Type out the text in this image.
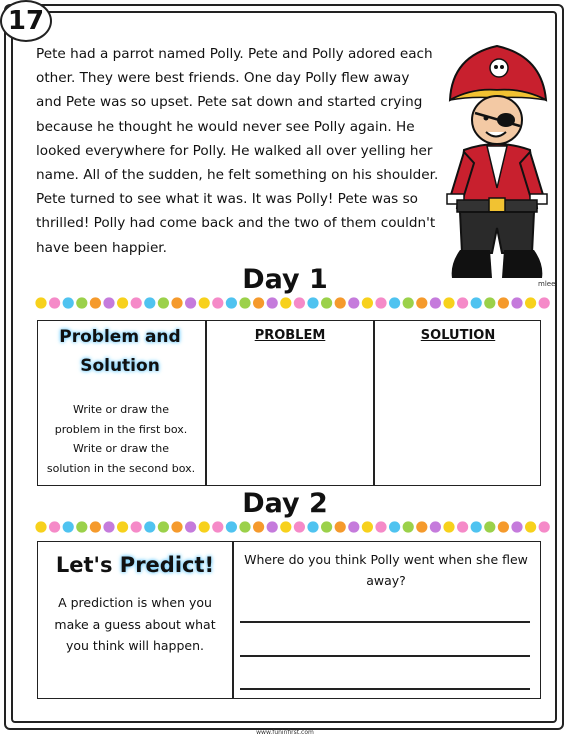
17
Pete had a parrot named Polly. Pete and Polly adored each
other. They were best friends. One day Polly flew away
and Pete was so upset. Pete sat down and started crying
because he thought he would never see Polly again. He
looked everywhere for Polly. He walked all over yelling her
name. All of the sudden, he felt something on his shoulder.
Pete turned to see what it was. It was Polly! Pete was so
thrilled! Polly had come back and the two of them couldn't
have been happier.
mlee
Day 1
Problem and
Solution
Write or draw the
problem in the first box.
Write or draw the
solution in the second box.
PROBLEM	SOLUTION
Day 2
Let's Predict!
A prediction is when you
make a guess about what
you think will happen.
Where do you think Polly went when she flew
away?
www.funinfirst.com
